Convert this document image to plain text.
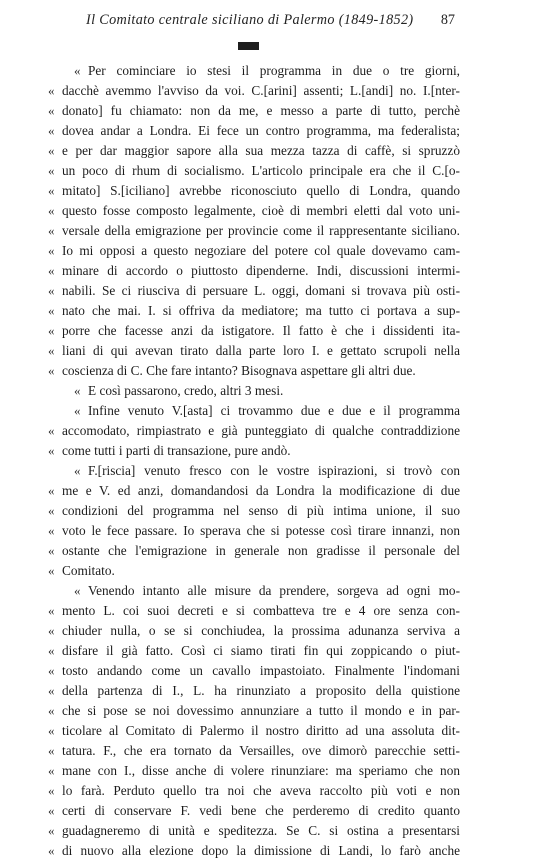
Il Comitato centrale siciliano di Palermo (1849-1852)	87
« Per cominciare io stesi il programma in due o tre giorni,
« dacchè avemmo l'avviso da voi. C.[arini] assenti; L.[andi] no. I.[nter-
« donato] fu chiamato: non da me, e messo a parte di tutto, perchè
« dovea andar a Londra. Ei fece un contro programma, ma federalista;
« e per dar maggior sapore alla sua mezza tazza di caffè, si spruzzò
« un poco di rhum di socialismo. L'articolo principale era che il C.[o-
« mitato] S.[iciliano] avrebbe riconosciuto quello di Londra, quando
« questo fosse composto legalmente, cioè di membri eletti dal voto uni-
« versale della emigrazione per provincie come il rappresentante siciliano.
« Io mi opposi a questo negoziare del potere col quale dovevamo cam-
« minare di accordo o piuttosto dipenderne. Indi, discussioni intermi-
« nabili. Se ci riusciva di persuare L. oggi, domani si trovava più osti-
« nato che mai. I. si offriva da mediatore; ma tutto ci portava a sup-
« porre che facesse anzi da istigatore. Il fatto è che i dissidenti ita-
« liani di qui avevan tirato dalla parte loro I. e gettato scrupoli nella
« coscienza di C. Che fare intanto? Bisognava aspettare gli altri due.
« E così passarono, credo, altri 3 mesi.
« Infine venuto V.[asta] ci trovammo due e due e il programma
« accomodato, rimpiastrato e già punteggiato di qualche contraddizione
« come tutti i parti di transazione, pure andò.
« F.[riscia] venuto fresco con le vostre ispirazioni, si trovò con
« me e V. ed anzi, domandandosi da Londra la modificazione di due
« condizioni del programma nel senso di più intima unione, il suo
« voto le fece passare. Io sperava che si potesse così tirare innanzi, non
« ostante che l'emigrazione in generale non gradisse il personale del
« Comitato.
« Venendo intanto alle misure da prendere, sorgeva ad ogni mo-
« mento L. coi suoi decreti e si combatteva tre e 4 ore senza con-
« chiuder nulla, o se si conchiudea, la prossima adunanza serviva a
« disfare il già fatto. Così ci siamo tirati fin qui zoppicando o piut-
« tosto andando come un cavallo impastoiato. Finalmente l'indomani
« della partenza di I., L. ha rinunziato a proposito della quistione
« che si pose se noi dovessimo annunziare a tutto il mondo e in par-
« ticolare al Comitato di Palermo il nostro diritto ad una assoluta dit-
« tatura. F., che era tornato da Versailles, ove dimorò parecchie setti-
« mane con I., disse anche di volere rinunziare: ma speriamo che non
« lo farà. Perduto quello tra noi che aveva raccolto più voti e non
« certi di conservare F. vedi bene che perderemo di credito quanto
« guadagneremo di unità e speditezza. Se C. si ostina a presentarsi
« di nuovo alla elezione dopo la dimissione di Landi, lo farò anche
